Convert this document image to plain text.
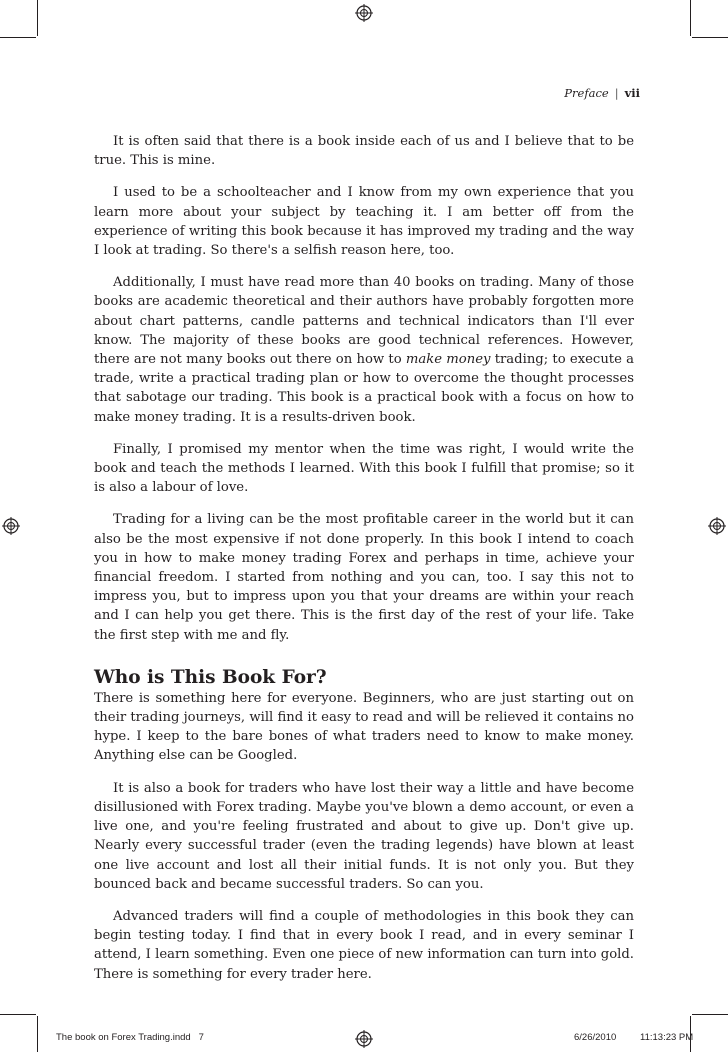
Preface | vii

It is often said that there is a book inside each of us and I believe that to be true. This is mine.

I used to be a schoolteacher and I know from my own experience that you learn more about your subject by teaching it. I am better off from the experience of writing this book because it has improved my trading and the way I look at trading. So there's a selfish reason here, too.

Additionally, I must have read more than 40 books on trading. Many of those books are academic theoretical and their authors have probably forgotten more about chart patterns, candle patterns and technical indicators than I'll ever know. The majority of these books are good technical references. However, there are not many books out there on how to make money trading; to execute a trade, write a practical trading plan or how to overcome the thought processes that sabotage our trading. This book is a practical book with a focus on how to make money trading. It is a results-driven book.

Finally, I promised my mentor when the time was right, I would write the book and teach the methods I learned. With this book I fulfill that promise; so it is also a labour of love.

Trading for a living can be the most profitable career in the world but it can also be the most expensive if not done properly. In this book I intend to coach you in how to make money trading Forex and perhaps in time, achieve your financial freedom. I started from nothing and you can, too. I say this not to impress you, but to impress upon you that your dreams are within your reach and I can help you get there. This is the first day of the rest of your life. Take the first step with me and fly.

Who is This Book For?

There is something here for everyone. Beginners, who are just starting out on their trading journeys, will find it easy to read and will be relieved it contains no hype. I keep to the bare bones of what traders need to know to make money. Anything else can be Googled.

It is also a book for traders who have lost their way a little and have become disillusioned with Forex trading. Maybe you've blown a demo account, or even a live one, and you're feeling frustrated and about to give up. Don't give up. Nearly every successful trader (even the trading legends) have blown at least one live account and lost all their initial funds. It is not only you. But they bounced back and became successful traders. So can you.

Advanced traders will find a couple of methodologies in this book they can begin testing today. I find that in every book I read, and in every seminar I attend, I learn something. Even one piece of new information can turn into gold. There is something for every trader here.

The book on Forex Trading.indd   7	6/26/2010 11:13:23 PM
